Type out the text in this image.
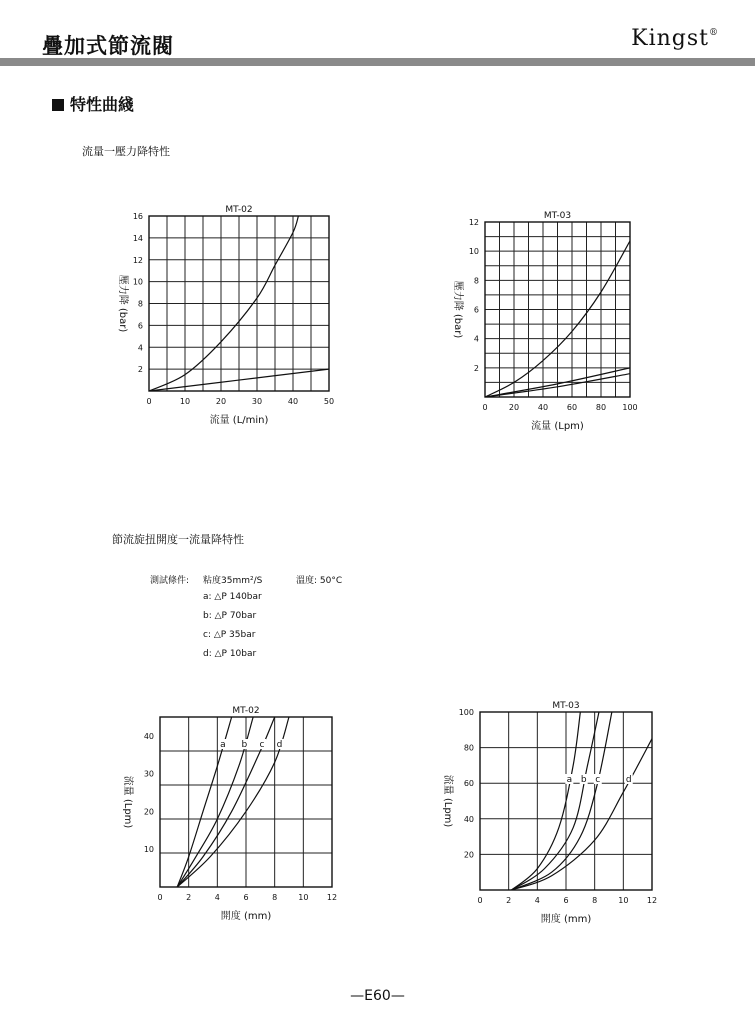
疊加式節流閥	Kingst®
特性曲綫
流量一壓力降特性
0	10	20	30	40	50
2
4
6
8
10
12
14
16
MT-02
流量 (L/min)
壓力降 (bar)
0	20 40 60 80 100
2
4
6
8
10
12
MT-03
流量 (Lpm)
壓力降 (bar)
節流旋扭開度一流量降特性
測試條件: 粘度35mm²/S	溫度: 50°C
a: △P 140bar
b: △P 70bar
c: △P 35bar
d: △P 10bar
0	2	4	6	8	10 12
10
20
30
40
MT-02
開度 (mm)
流量 (Lpm)
a b c d
0	2	4	6	8	10 12
20
40
60
80
100
MT-03
開度 (mm)
流量 (Lpm)	a b c	d
—E60—
